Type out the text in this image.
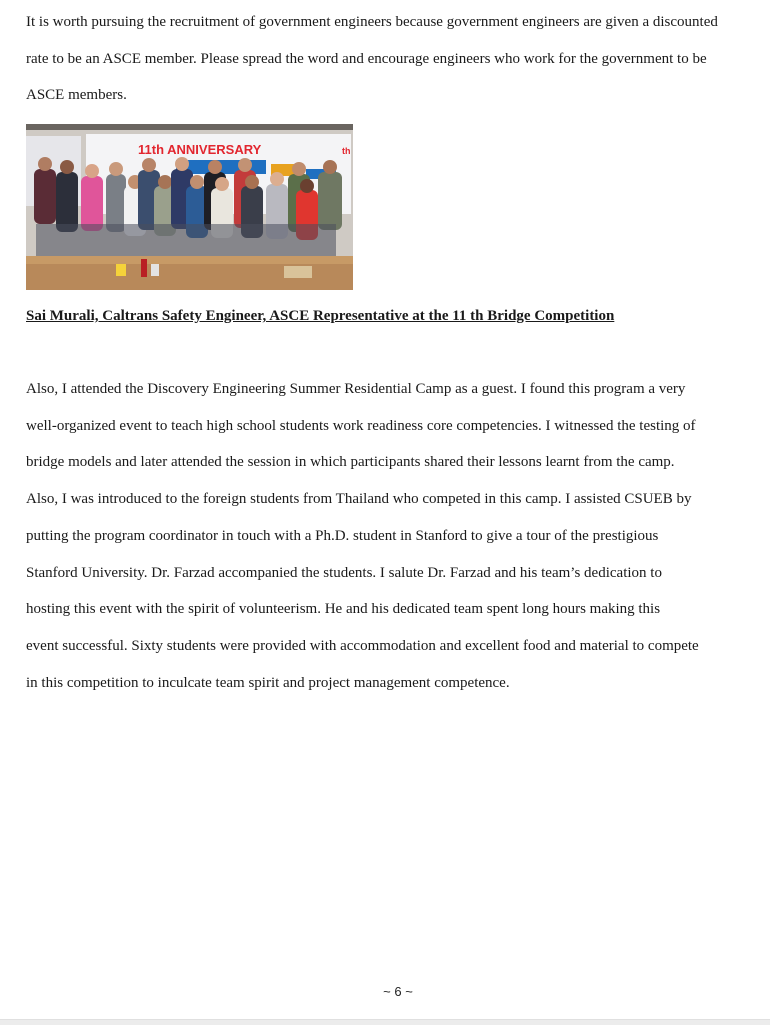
It is worth pursuing the recruitment of government engineers because government engineers are given a discounted
rate to be an ASCE member. Please spread the word and encourage engineers who work for the government to be
ASCE members.

11th ANNIVERSARY	th

Sai Murali, Caltrans Safety Engineer, ASCE Representative at the 11 th Bridge Competition

Also, I attended the Discovery Engineering Summer Residential Camp as a guest. I found this program a very
well-organized event to teach high school students work readiness core competencies. I witnessed the testing of
bridge models and later attended the session in which participants shared their lessons learnt from the camp.
Also, I was introduced to the foreign students from Thailand who competed in this camp. I assisted CSUEB by
putting the program coordinator in touch with a Ph.D. student in Stanford to give a tour of the prestigious
Stanford University. Dr. Farzad accompanied the students. I salute Dr. Farzad and his team’s dedication to
hosting this event with the spirit of volunteerism. He and his dedicated team spent long hours making this
event successful. Sixty students were provided with accommodation and excellent food and material to compete
in this competition to inculcate team spirit and project management competence.

~ 6 ~
